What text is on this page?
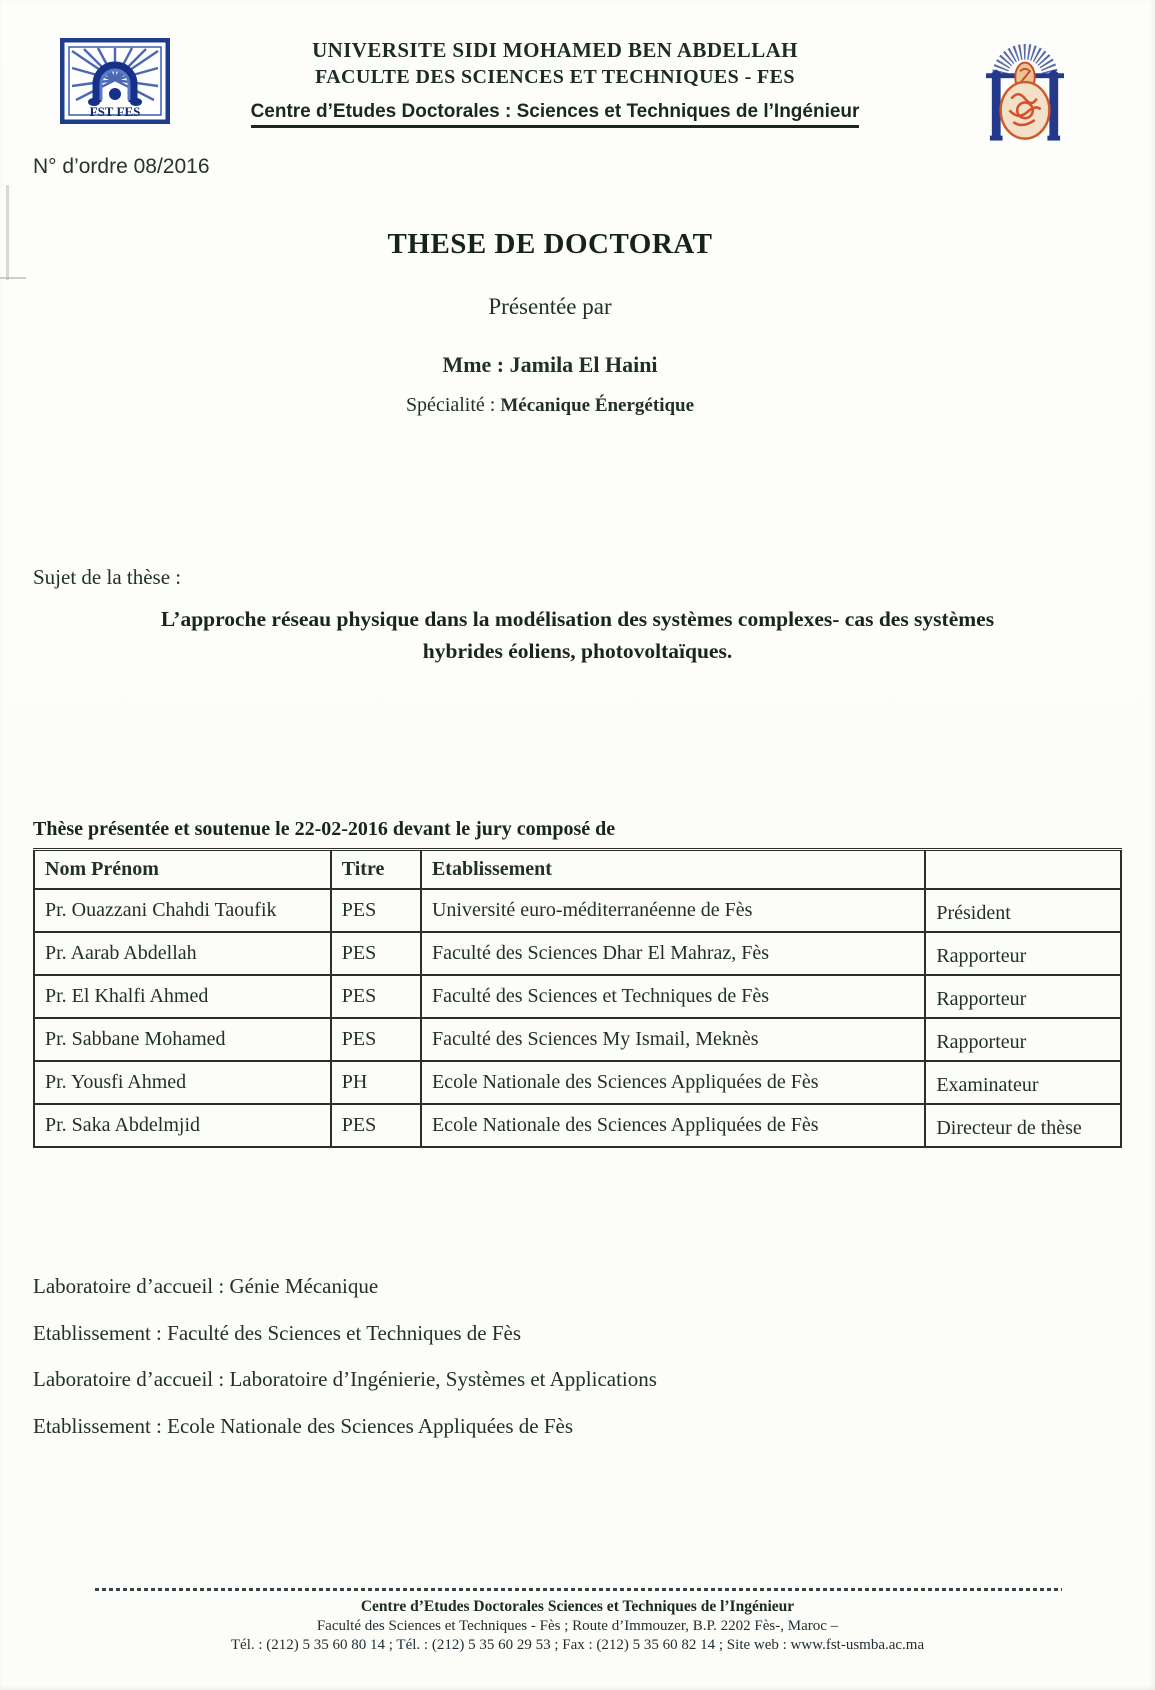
FST FES
UNIVERSITE SIDI MOHAMED BEN ABDELLAH
FACULTE DES SCIENCES ET TECHNIQUES - FES
Centre d’Etudes Doctorales : Sciences et Techniques de l’Ingénieur
N° d’ordre 08/2016
THESE DE DOCTORAT
Présentée par
Mme : Jamila El Haini
Spécialité : Mécanique Énergétique
Sujet de la thèse :
L’approche réseau physique dans la modélisation des systèmes complexes- cas des systèmes
hybrides éoliens, photovoltaïques.
Thèse présentée et soutenue le 22-02-2016 devant le jury composé de
Nom Prénom	Titre	Etablissement	
Pr. Ouazzani Chahdi Taoufik	PES	Université euro-méditerranéenne de Fès	Président
Pr. Aarab Abdellah	PES	Faculté des Sciences Dhar El Mahraz, Fès	Rapporteur
Pr. El Khalfi Ahmed	PES	Faculté des Sciences et Techniques de Fès	Rapporteur
Pr. Sabbane Mohamed	PES	Faculté des Sciences My Ismail, Meknès	Rapporteur
Pr. Yousfi Ahmed	PH	Ecole Nationale des Sciences Appliquées de Fès	Examinateur
Pr. Saka Abdelmjid	PES	Ecole Nationale des Sciences Appliquées de Fès	Directeur de thèse
Laboratoire d’accueil : Génie Mécanique
Etablissement : Faculté des Sciences et Techniques de Fès
Laboratoire d’accueil : Laboratoire d’Ingénierie, Systèmes et Applications
Etablissement : Ecole Nationale des Sciences Appliquées de Fès
Centre d’Etudes Doctorales Sciences et Techniques de l’Ingénieur
Faculté des Sciences et Techniques - Fès ; Route d’Immouzer, B.P. 2202 Fès-, Maroc –
Tél. : (212) 5 35 60 80 14 ; Tél. : (212) 5 35 60 29 53 ; Fax : (212) 5 35 60 82 14 ; Site web : www.fst-usmba.ac.ma
